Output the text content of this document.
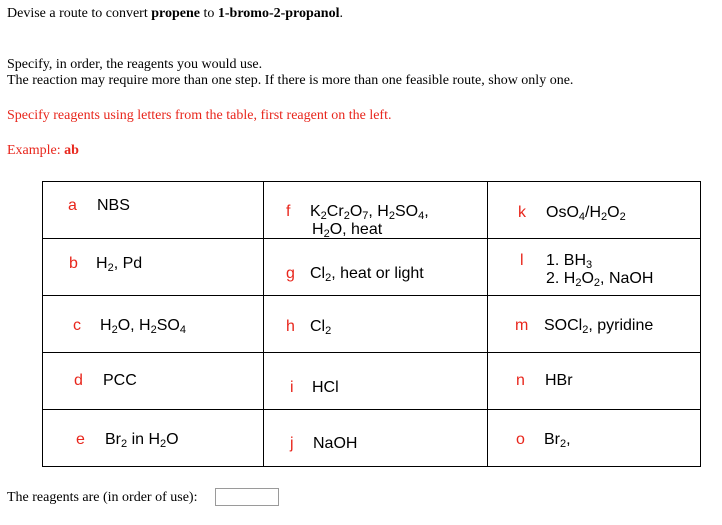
Devise a route to convert propene to 1-bromo-2-propanol.
Specify, in order, the reagents you would use.
The reaction may require more than one step. If there is more than one feasible route, show only one.
Specify reagents using letters from the table, first reagent on the left.
Example: ab
a NBS	f $K_2Cr_2O_7$, $H_2SO_4$,
$H_2O$, heat	k $OsO_4/H_2O_2$

b $H_2$, Pd	g $Cl_2$, heat or light	l 1. $BH_3$
2. $H_2O_2$, NaOH

c $H_2O$, $H_2SO_4$	h $Cl_2$	m SOCl$_2$, pyridine

d PCC	i HCl	n HBr

e $Br_2$ in $H_2O$	j NaOH	o $Br_2$,
The reagents are (in order of use):
